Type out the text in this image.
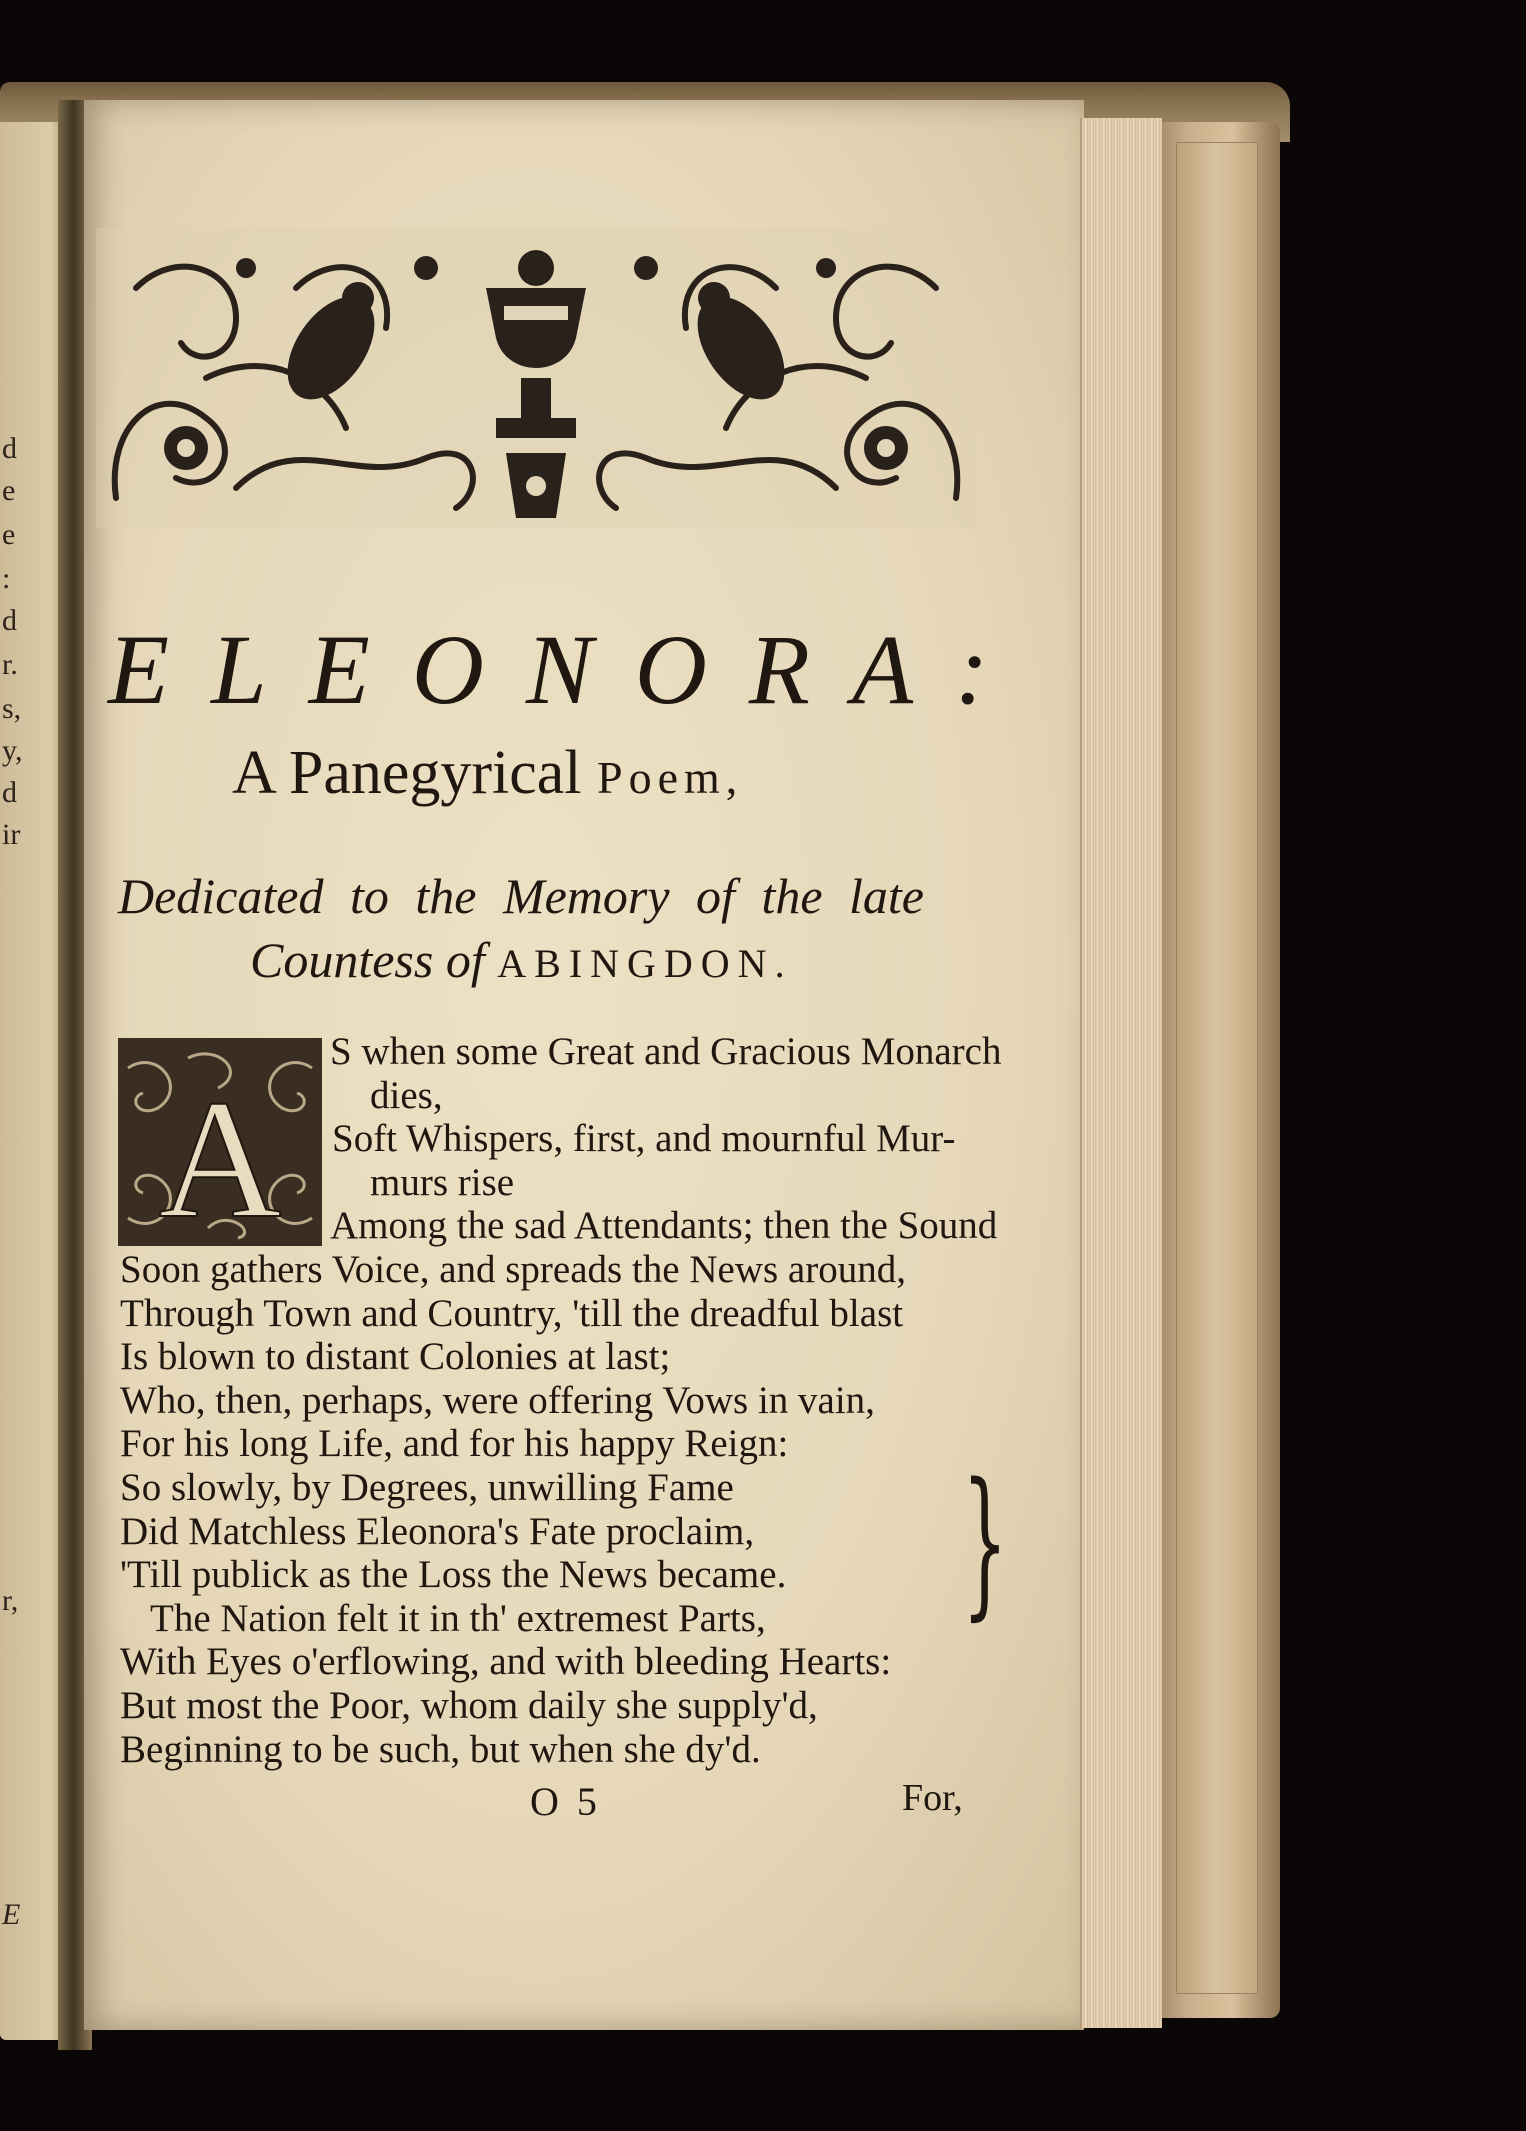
d
e
e
:
d
r.
s,
y,
d
ir
r,
E
ELEONORA:
A Panegyrical Poem,
Dedicated to the Memory of the late
Countess of ABINGDON.
A
S when some Great and Gracious Monarch
dies,
Soft Whispers, first, and mournful Mur-
murs rise
Among the sad Attendants; then the Sound
Soon gathers Voice, and spreads the News around,
Through Town and Country, 'till the dreadful blast
Is blown to distant Colonies at last;
Who, then, perhaps, were offering Vows in vain,
For his long Life, and for his happy Reign:
So slowly, by Degrees, unwilling Fame
Did Matchless Eleonora's Fate proclaim,
'Till publick as the Loss the News became.
The Nation felt it in th' extremest Parts,
With Eyes o'erflowing, and with bleeding Hearts:
But most the Poor, whom daily she supply'd,
Beginning to be such, but when she dy'd.
}
O 5	For,
